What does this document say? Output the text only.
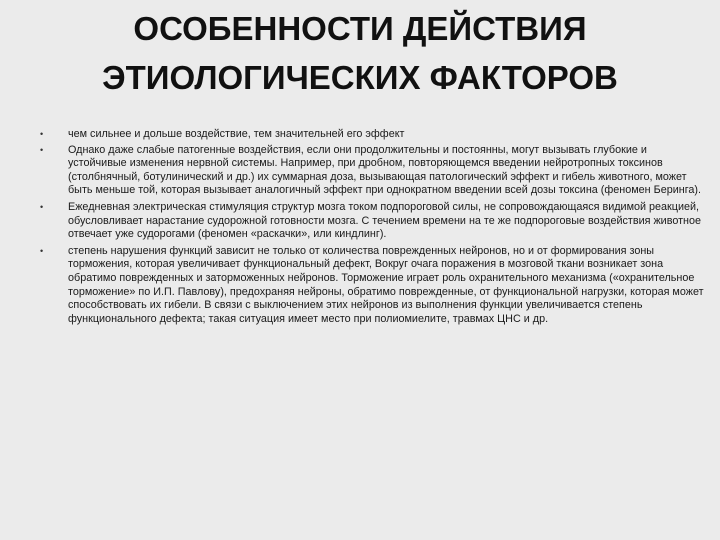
ОСОБЕННОСТИ ДЕЙСТВИЯ
ЭТИОЛОГИЧЕСКИХ ФАКТОРОВ
•	чем сильнее и дольше воздействие, тем значительней его эффект
•	Однако даже слабые патогенные воздействия, если они продолжительны и постоянны, могут вызывать глубокие и устойчивые изменения нервной системы. Например, при дробном, повторяющемся введении нейротропных токсинов (столбнячный, ботулинический и др.) их суммарная доза, вызывающая патологический эффект и гибель животного, может быть меньше той, которая вызывает аналогичный эффект при однократном введении всей дозы токсина (феномен Беринга).
•	Ежедневная электрическая стимуляция структур мозга током подпороговой силы, не сопровождающаяся видимой реакцией, обусловливает нарастание судорожной готовности мозга. С течением времени на те же подпороговые воздействия животное отвечает уже судорогами (феномен «раскачки», или киндлинг).
•	степень нарушения функций зависит не только от количества поврежденных нейронов, но и от формирования зоны торможения, которая увеличивает функциональный дефект, Вокруг очага поражения в мозговой ткани возникает зона обратимо поврежденных и заторможенных нейронов. Торможение играет роль охранительного механизма («охранительное торможение» по И.П. Павлову), предохраняя нейроны, обратимо поврежденные, от функциональной нагрузки, которая может способствовать их гибели. В связи с выключением этих нейронов из выполнения функции увеличивается степень функционального дефекта; такая ситуация имеет место при полиомиелите, травмах ЦНС и др.
